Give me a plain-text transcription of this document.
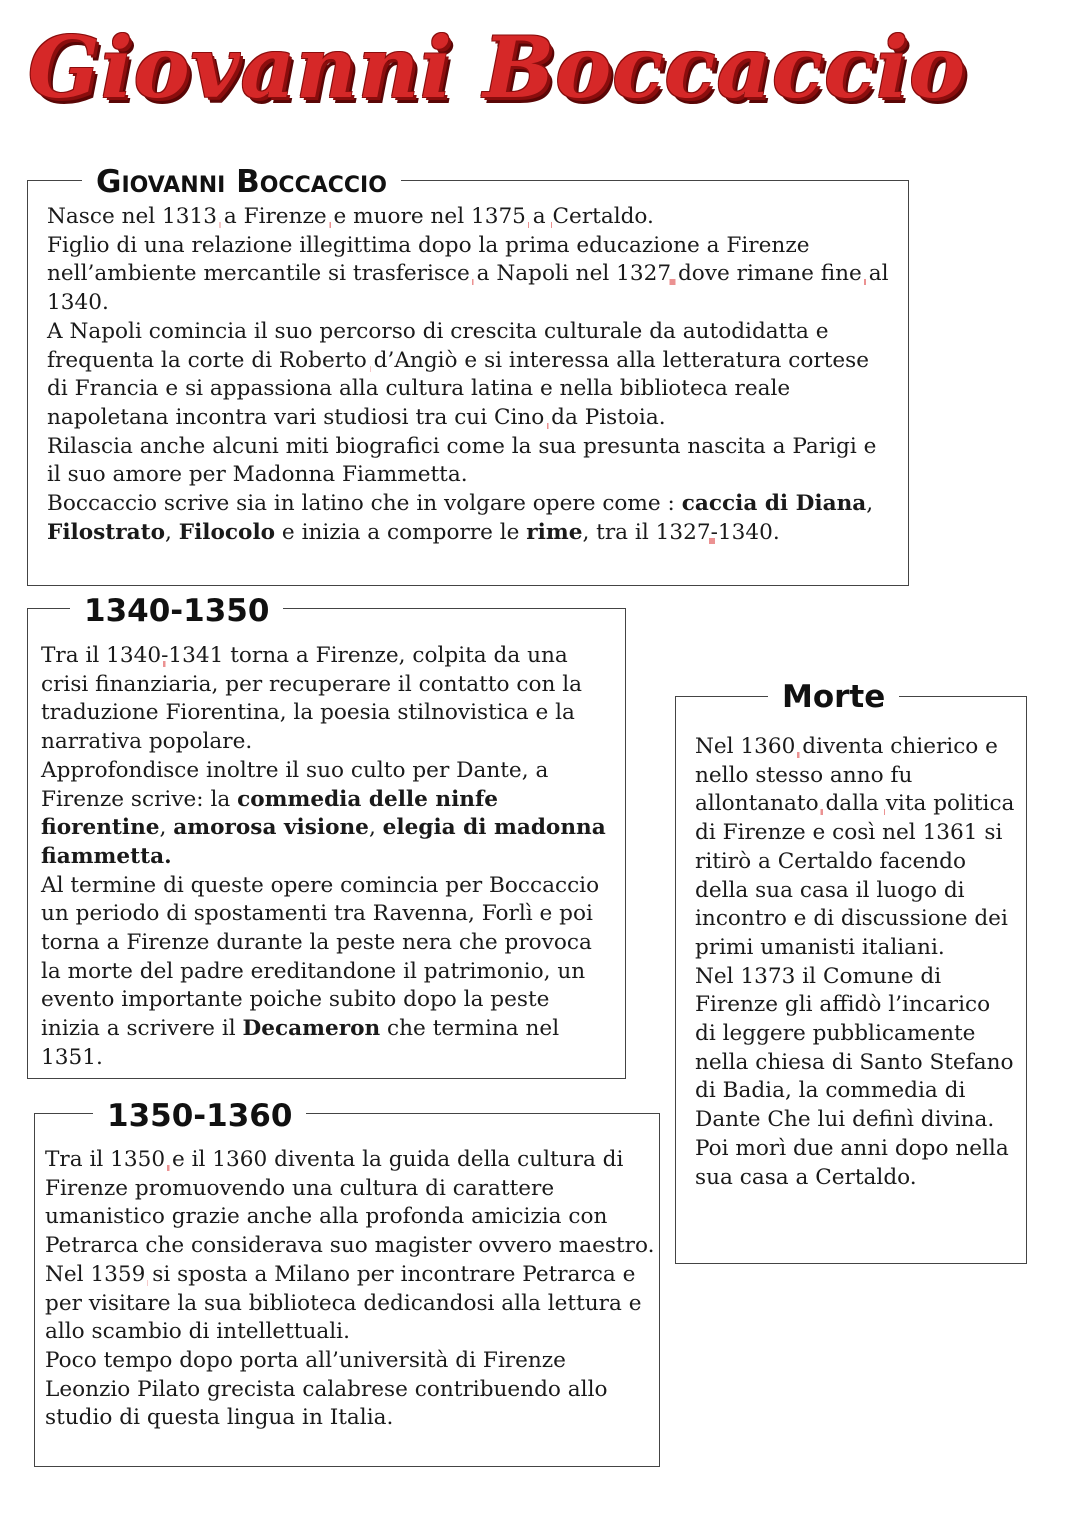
Giovanni Boccaccio
Giovanni Boccaccio
Nasce nel 1313 a Firenze e muore nel 1375 a Certaldo.
Figlio di una relazione illegittima dopo la prima educazione a Firenze nell’ambiente mercantile si trasferisce a Napoli nel 1327 dove rimane fine al 1340.
A Napoli comincia il suo percorso di crescita culturale da autodidatta e frequenta la corte di Roberto d’Angiò e si interessa alla letteratura cortese di Francia e si appassiona alla cultura latina e nella biblioteca reale napoletana incontra vari studiosi tra cui Cino da Pistoia.
Rilascia anche alcuni miti biografici come la sua presunta nascita a Parigi e il suo amore per Madonna Fiammetta.
Boccaccio scrive sia in latino che in volgare opere come : caccia di Diana, Filostrato, Filocolo e inizia a comporre le rime, tra il 1327-1340.
1340-1350
Tra il 1340-1341 torna a Firenze, colpita da una crisi finanziaria, per recuperare il contatto con la traduzione Fiorentina, la poesia stilnovistica e la narrativa popolare.
Approfondisce inoltre il suo culto per Dante, a Firenze scrive: la commedia delle ninfe fiorentine, amorosa visione, elegia di madonna fiammetta.
Al termine di queste opere comincia per Boccaccio un periodo di spostamenti tra Ravenna, Forlì e poi torna a Firenze durante la peste nera che provoca la morte del padre ereditandone il patrimonio, un evento importante poiche subito dopo la peste inizia a scrivere il Decameron che termina nel 1351.
Morte
Nel 1360 diventa chierico e nello stesso anno fu allontanato dalla vita politica di Firenze e così nel 1361 si ritirò a Certaldo facendo della sua casa il luogo di incontro e di discussione dei primi umanisti italiani.
Nel 1373 il Comune di Firenze gli affidò l’incarico di leggere pubblicamente nella chiesa di Santo Stefano di Badia, la commedia di Dante Che lui definì divina.
Poi morì due anni dopo nella sua casa a Certaldo.
1350-1360
Tra il 1350 e il 1360 diventa la guida della cultura di Firenze promuovendo una cultura di carattere umanistico grazie anche alla profonda amicizia con Petrarca che considerava suo magister ovvero maestro.
Nel 1359 si sposta a Milano per incontrare Petrarca e per visitare la sua biblioteca dedicandosi alla lettura e allo scambio di intellettuali.
Poco tempo dopo porta all’università di Firenze Leonzio Pilato grecista calabrese contribuendo allo studio di questa lingua in Italia.
